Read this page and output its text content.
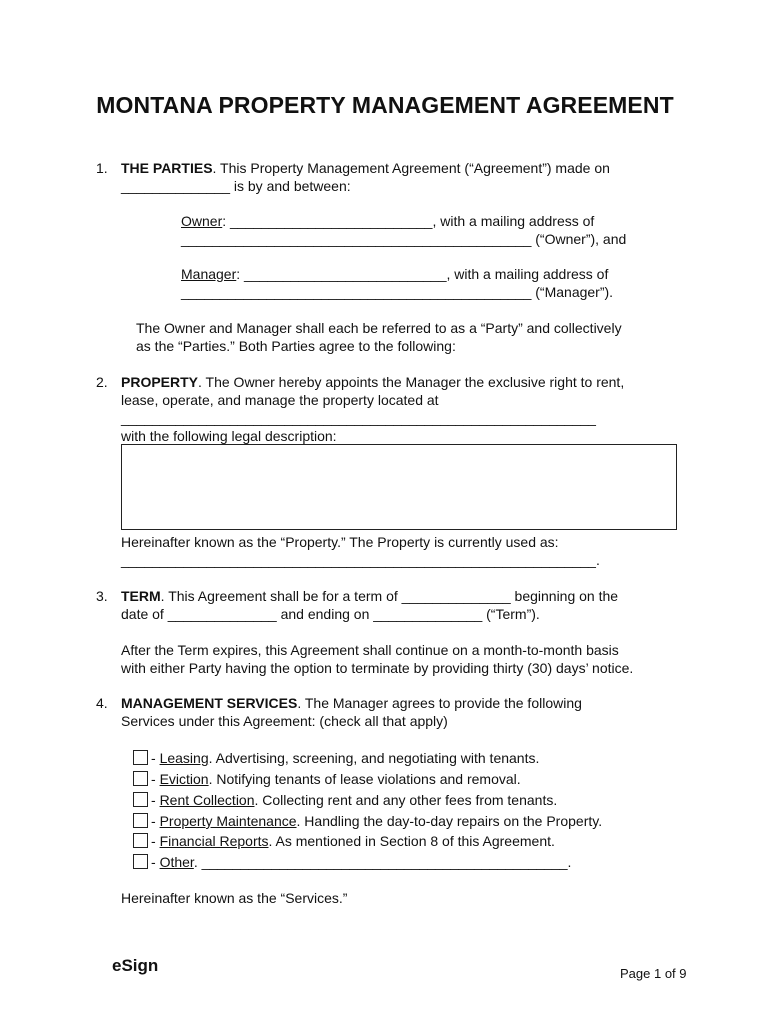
MONTANA PROPERTY MANAGEMENT AGREEMENT
1. THE PARTIES. This Property Management Agreement (“Agreement”) made on
______________ is by and between:
Owner: __________________________, with a mailing address of
_____________________________________________ (“Owner”), and
Manager: __________________________, with a mailing address of
_____________________________________________ (“Manager”).
The Owner and Manager shall each be referred to as a “Party” and collectively
as the “Parties.” Both Parties agree to the following:
2. PROPERTY. The Owner hereby appoints the Manager the exclusive right to rent,
lease, operate, and manage the property located at
_____________________________________________________________
with the following legal description:
Hereinafter known as the “Property.” The Property is currently used as:
_____________________________________________________________.
3. TERM. This Agreement shall be for a term of ______________ beginning on the
date of ______________ and ending on ______________ (“Term”).
After the Term expires, this Agreement shall continue on a month-to-month basis
with either Party having the option to terminate by providing thirty (30) days’ notice.
4. MANAGEMENT SERVICES. The Manager agrees to provide the following
Services under this Agreement: (check all that apply)
- Leasing. Advertising, screening, and negotiating with tenants.
- Eviction. Notifying tenants of lease violations and removal.
- Rent Collection. Collecting rent and any other fees from tenants.
- Property Maintenance. Handling the day-to-day repairs on the Property.
- Financial Reports. As mentioned in Section 8 of this Agreement.
- Other. _______________________________________________.
Hereinafter known as the “Services.”
eSign	Page 1 of 9
